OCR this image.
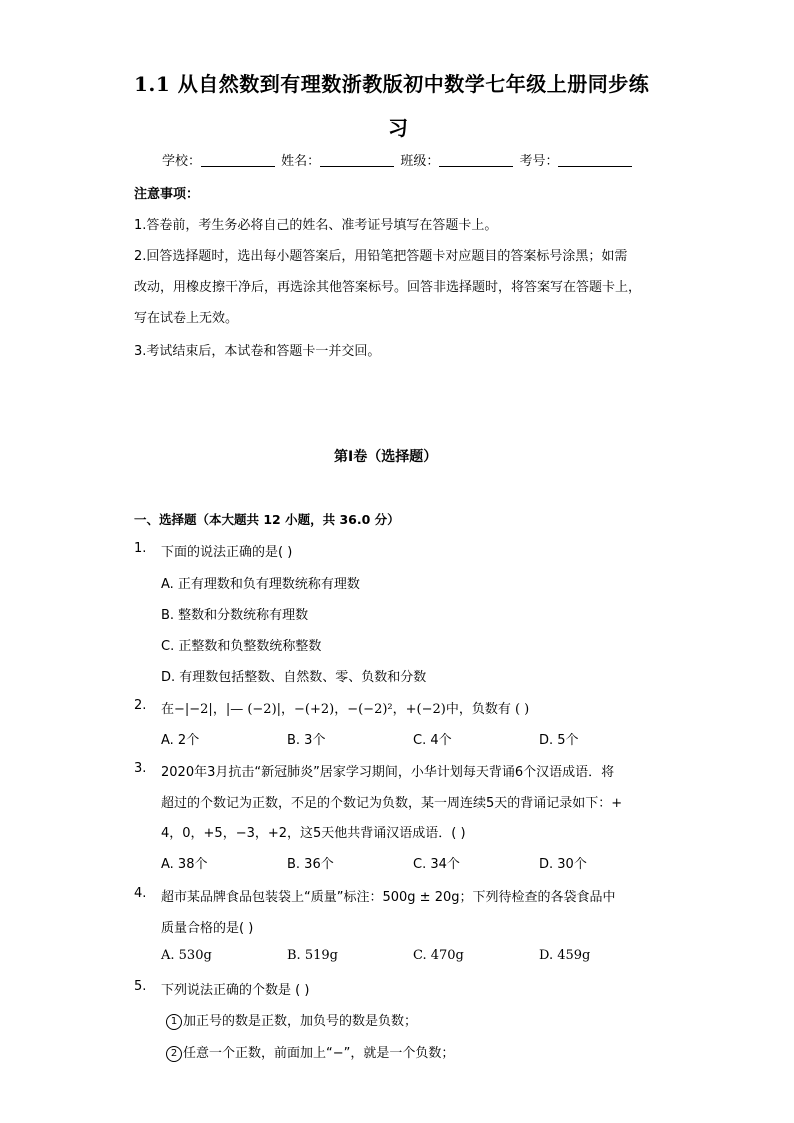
1.1 从自然数到有理数浙教版初中数学七年级上册同步练
习
学校：	姓名：	班级：	考号：
注意事项：
1.答卷前，考生务必将自己的姓名、准考证号填写在答题卡上。
2.回答选择题时，选出每小题答案后，用铅笔把答题卡对应题目的答案标号涂黑；如需
改动，用橡皮擦干净后，再选涂其他答案标号。回答非选择题时，将答案写在答题卡上，
写在试卷上无效。
3.考试结束后，本试卷和答题卡一并交回。
第Ⅰ卷（选择题）
一、选择题（本大题共 12 小题，共 36.0 分）
1. 下面的说法正确的是( )
A. 正有理数和负有理数统称有理数
B. 整数和分数统称有理数
C. 正整数和负整数统称整数
D. 有理数包括整数、自然数、零、负数和分数
2. 在−|−2|，|— (−2)|，−(+2)，−(−2)²，+(−2)中，负数有 ( )
A. 2个	B. 3个	C. 4个	D. 5个
3. 2020年3月抗击“新冠肺炎”居家学习期间，小华计划每天背诵6个汉语成语．将
超过的个数记为正数，不足的个数记为负数，某一周连续5天的背诵记录如下：+
4，0，+5，−3，+2，这5天他共背诵汉语成语．( )
A. 38个	B. 36个	C. 34个	D. 30个
4. 超市某品牌食品包装袋上“质量”标注：500g ± 20g；下列待检查的各袋食品中
质量合格的是( )
A. 530g	B. 519g	C. 470g	D. 459g
5. 下列说法正确的个数是 ( )
1 加正号的数是正数，加负号的数是负数；
2 任意一个正数，前面加上“−”，就是一个负数；
